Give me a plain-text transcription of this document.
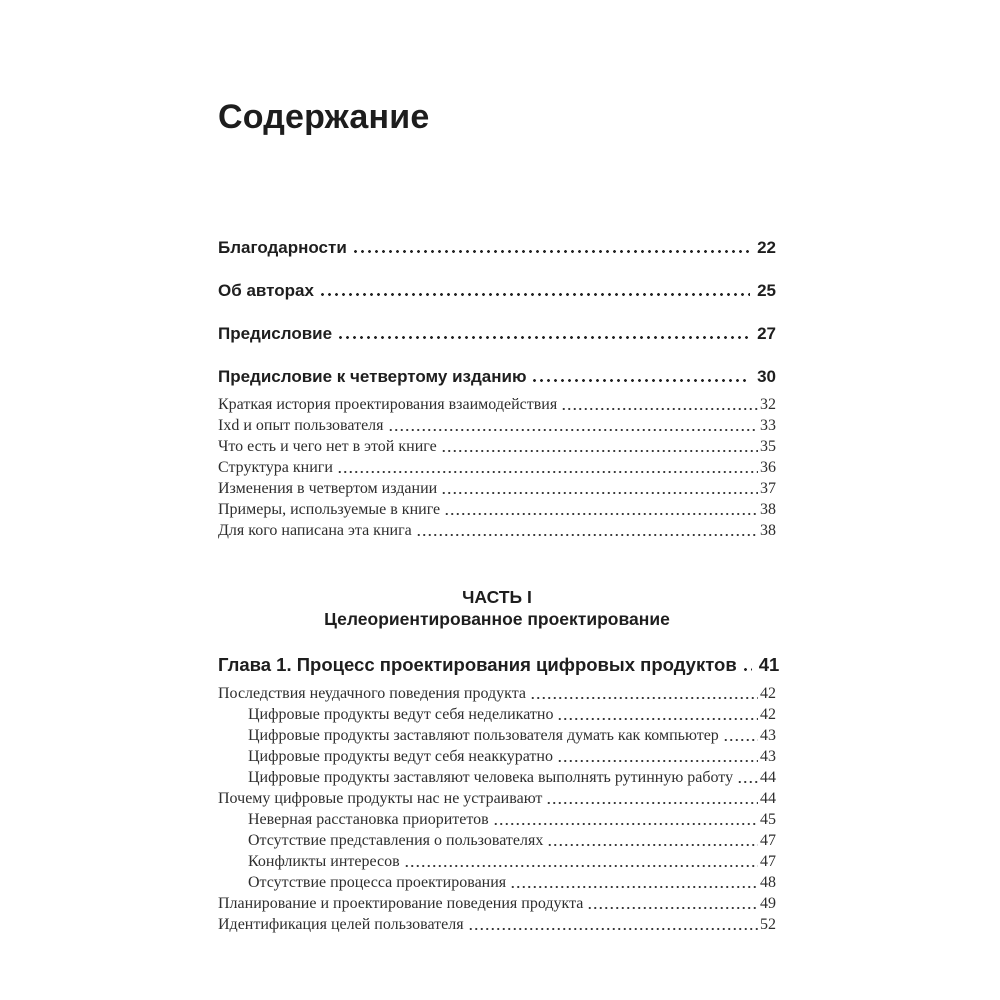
Содержание
Благодарности	22
Об авторах	25
Предисловие	27
Предисловие к четвертому изданию	30
Краткая история проектирования взаимодействия	32
Ixd и опыт пользователя	33
Что есть и чего нет в этой книге	35
Структура книги	36
Изменения в четвертом издании	37
Примеры, используемые в книге	38
Для кого написана эта книга	38
ЧАСТЬ I
Целеориентированное проектирование
Глава 1. Процесс проектирования цифровых продуктов 41
Последствия неудачного поведения продукта	42
Цифровые продукты ведут себя неделикатно	42
Цифровые продукты заставляют пользователя думать как компьютер	43
Цифровые продукты ведут себя неаккуратно	43
Цифровые продукты заставляют человека выполнять рутинную работу 44
Почему цифровые продукты нас не устраивают	44
Неверная расстановка приоритетов	45
Отсутствие представления о пользователях	47
Конфликты интересов	47
Отсутствие процесса проектирования	48
Планирование и проектирование поведения продукта	49
Идентификация целей пользователя	52
